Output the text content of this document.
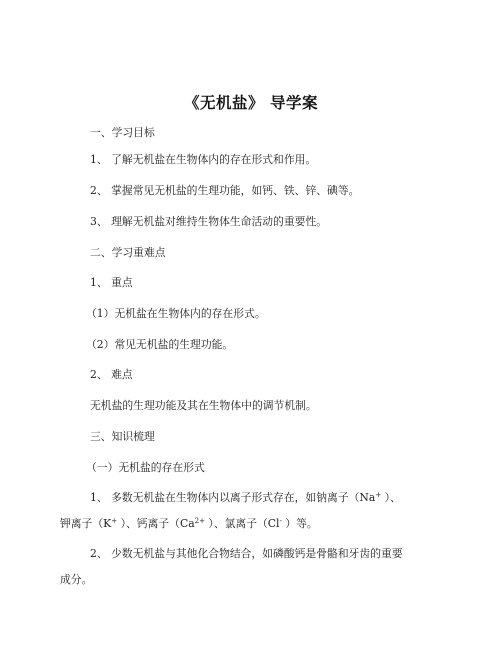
《无机盐》 导学案

一、学习目标

1、 了解无机盐在生物体内的存在形式和作用。

2、 掌握常见无机盐的生理功能，如钙、铁、锌、碘等。

3、 理解无机盐对维持生物体生命活动的重要性。

二、学习重难点

1、 重点

（1）无机盐在生物体内的存在形式。

（2）常见无机盐的生理功能。

2、 难点

无机盐的生理功能及其在生物体中的调节机制。

三、知识梳理

（一）无机盐的存在形式

1、 多数无机盐在生物体内以离子形式存在，如钠离子（Na+ ）、

钾离子（K+ ）、钙离子（$Ca^{2+}$ ）、氯离子（Cl- ）等。

2、 少数无机盐与其他化合物结合，如磷酸钙是骨骼和牙齿的重要

成分。
